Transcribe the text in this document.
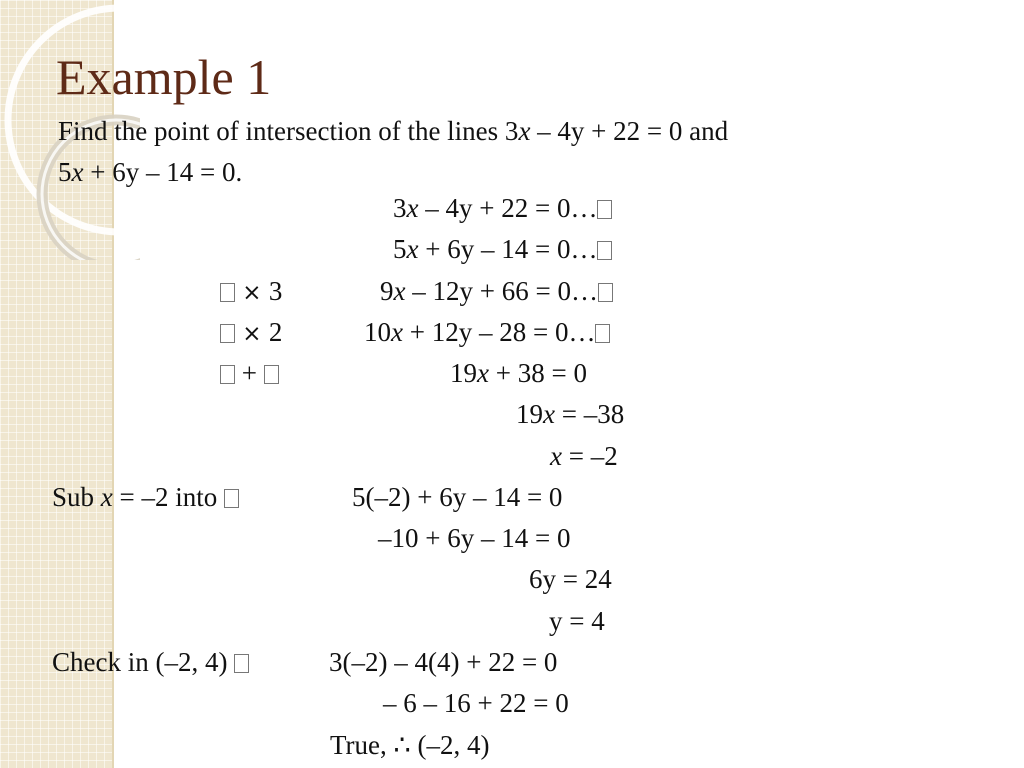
Example 1
Find the point of intersection of the lines 3x – 4y + 22 = 0 and
5x + 6y – 14 = 0.
3x – 4y + 22 = 0…
5x + 6y – 14 = 0…
× 3	9x – 12y + 66 = 0…
× 2	10x + 12y – 28 = 0…
+	19x + 38 = 0
19x = –38
x = –2
Sub x = –2 into	5(–2) + 6y – 14 = 0
–10 + 6y – 14 = 0
6y = 24
y = 4
Check in (–2, 4)	3(–2) – 4(4) + 22 = 0
– 6 – 16 + 22 = 0
True, ∴ (–2, 4)
